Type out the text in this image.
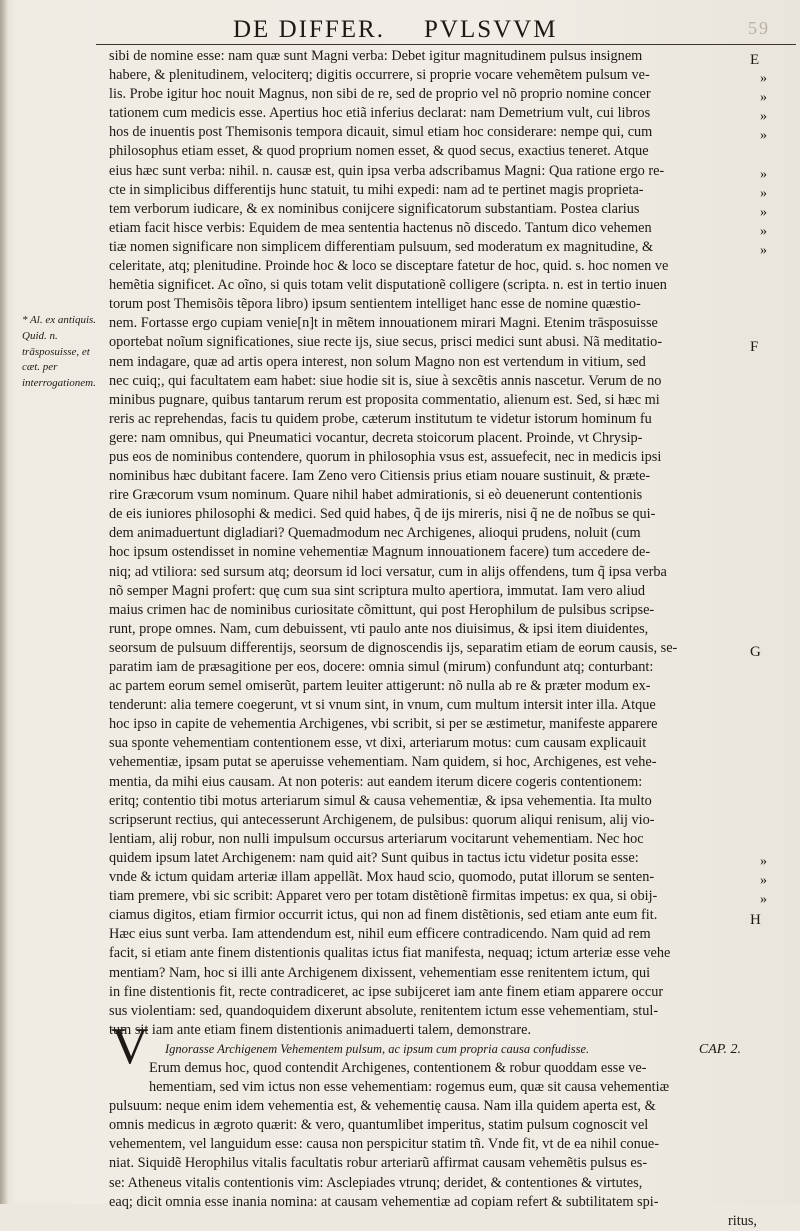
DE DIFFER. PVLSVVM	59
* Al. ex antiquis. Quid. n. trāsposuisse, et cæt. per interrogationem.
sibi de nomine esse: nam quæ sunt Magni verba: Debet igitur magnitudinem pulsus insignem
habere, & plenitudinem, velociterq; digitis occurrere, si proprie vocare vehemẽtem pulsum ve-
lis. Probe igitur hoc nouit Magnus, non sibi de re, sed de proprio vel nõ proprio nomine concer
tationem cum medicis esse. Apertius hoc etiã inferius declarat: nam Demetrium vult, cui libros
hos de inuentis post Themisonis tempora dicauit, simul etiam hoc considerare: nempe qui, cum
philosophus etiam esset, & quod proprium nomen esset, & quod secus, exactius teneret. Atque
eius hæc sunt verba: nihil. n. causæ est, quin ipsa verba adscribamus Magni: Qua ratione ergo re-
cte in simplicibus differentijs hunc statuit, tu mihi expedi: nam ad te pertinet magis proprieta-
tem verborum iudicare, & ex nominibus conijcere significatorum substantiam. Postea clarius
etiam facit hisce verbis: Equidem de mea sententia hactenus nõ discedo. Tantum dico vehemen
tiæ nomen significare non simplicem differentiam pulsuum, sed moderatum ex magnitudine, &
celeritate, atq; plenitudine. Proinde hoc & loco se disceptare fatetur de hoc, quid. s. hoc nomen ve
hemẽtia significet. Ac oĩno, si quis totam velit disputationẽ colligere (scripta. n. est in tertio inuen
torum post Themisõis tẽpora libro) ipsum sentientem intelliget hanc esse de nomine quæstio-
nem. Fortasse ergo cupiam venie[n]t in mẽtem innouationem mirari Magni. Etenim trāsposuisse
oportebat noĩum significationes, siue recte ijs, siue secus, prisci medici sunt abusi. Nã meditatio-
nem indagare, quæ ad artis opera interest, non solum Magno non est vertendum in vitium, sed
nec cuiq;, qui facultatem eam habet: siue hodie sit is, siue à sexcẽtis annis nascetur. Verum de no
minibus pugnare, quibus tantarum rerum est proposita commentatio, alienum est. Sed, si hæc mi
reris ac reprehendas, facis tu quidem probe, cæterum institutum te videtur istorum hominum fu
gere: nam omnibus, qui Pneumatici vocantur, decreta stoicorum placent. Proinde, vt Chrysip-
pus eos de nominibus contendere, quorum in philosophia vsus est, assuefecit, nec in medicis ipsi
nominibus hæc dubitant facere. Iam Zeno vero Citiensis prius etiam nouare sustinuit, & præte-
rire Græcorum vsum nominum. Quare nihil habet admirationis, si eò deuenerunt contentionis
de eis iuniores philosophi & medici. Sed quid habes, q̃ de ijs mireris, nisi q̃ ne de noĩbus se qui-
dem animaduertunt digladiari? Quemadmodum nec Archigenes, alioqui prudens, noluit (cum
hoc ipsum ostendisset in nomine vehementiæ Magnum innouationem facere) tum accedere de-
niq; ad vtiliora: sed sursum atq; deorsum id loci versatur, cum in alijs offendens, tum q̃ ipsa verba
nõ semper Magni profert: quę cum sua sint scriptura multo apertiora, immutat. Iam vero aliud
maius crimen hac de nominibus curiositate cõmittunt, qui post Herophilum de pulsibus scripse-
runt, prope omnes. Nam, cum debuissent, vti paulo ante nos diuisimus, & ipsi item diuidentes,
seorsum de pulsuum differentijs, seorsum de dignoscendis ijs, separatim etiam de eorum causis, se-
paratim iam de præsagitione per eos, docere: omnia simul (mirum) confundunt atq; conturbant:
ac partem eorum semel omiserũt, partem leuiter attigerunt: nõ nulla ab re & præter modum ex-
tenderunt: alia temere coegerunt, vt si vnum sint, in vnum, cum multum intersit inter illa. Atque
hoc ipso in capite de vehementia Archigenes, vbi scribit, si per se æstimetur, manifeste apparere
sua sponte vehementiam contentionem esse, vt dixi, arteriarum motus: cum causam explicauit
vehementiæ, ipsam putat se aperuisse vehementiam. Nam quidem, si hoc, Archigenes, est vehe-
mentia, da mihi eius causam. At non poteris: aut eandem iterum dicere cogeris contentionem:
eritq; contentio tibi motus arteriarum simul & causa vehementiæ, & ipsa vehementia. Ita multo
scripserunt rectius, qui antecesserunt Archigenem, de pulsibus: quorum aliqui renisum, alij vio-
lentiam, alij robur, non nulli impulsum occursus arteriarum vocitarunt vehementiam. Nec hoc
quidem ipsum latet Archigenem: nam quid ait? Sunt quibus in tactus ictu videtur posita esse:
vnde & ictum quidam arteriæ illam appellãt. Mox haud scio, quomodo, putat illorum se senten-
tiam premere, vbi sic scribit: Apparet vero per totam distẽtionẽ firmitas impetus: ex qua, si obij-
ciamus digitos, etiam firmior occurrit ictus, qui non ad finem distẽtionis, sed etiam ante eum fit.
Hæc eius sunt verba. Iam attendendum est, nihil eum efficere contradicendo. Nam quid ad rem
facit, si etiam ante finem distentionis qualitas ictus fiat manifesta, nequaq; ictum arteriæ esse vehe
mentiam? Nam, hoc si illi ante Archigenem dixissent, vehementiam esse renitentem ictum, qui
in fine distentionis fit, recte contradiceret, ac ipse subijceret iam ante finem etiam apparere occur
sus violentiam: sed, quandoquidem dixerunt absolute, renitentem ictum esse vehementiam, stul-
tum sit iam ante etiam finem distentionis animaduerti talem, demonstrare.
Ignorasse Archigenem Vehementem pulsum, ac ipsum cum propria causa confudisse.	CAP. 2.
Erum demus hoc, quod contendit Archigenes, contentionem & robur quoddam esse ve-
hementiam, sed vim ictus non esse vehementiam: rogemus eum, quæ sit causa vehementiæ
pulsuum: neque enim idem vehementia est, & vehementię causa. Nam illa quidem aperta est, &
omnis medicus in ægroto quærit: & vero, quantumlibet imperitus, statim pulsum cognoscit vel
vehementem, vel languidum esse: causa non perspicitur statim tñ. Vnde fit, vt de ea nihil conue-
niat. Siquidẽ Herophilus vitalis facultatis robur arteriarũ affirmat causam vehemẽtis pulsus es-
se: Atheneus vitalis contentionis vim: Asclepiades vtrunq; deridet, & contentiones & virtutes,
eaq; dicit omnia esse inania nomina: at causam vehementiæ ad copiam refert & subtilitatem spi-
ritus,
V
»
»
»
»
»
»
»
»
»
»
»
»
E
F
G
H
